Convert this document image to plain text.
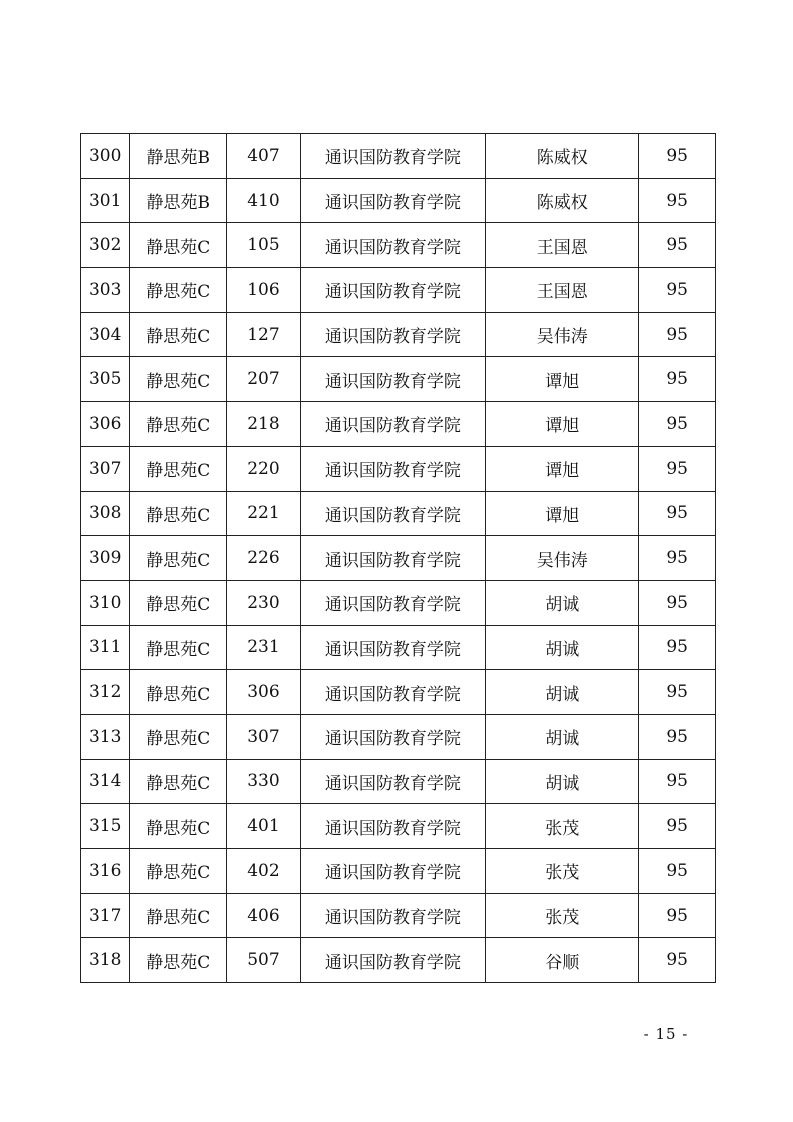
300	静思苑B	407	通识国防教育学院	陈威权	95
301	静思苑B	410	通识国防教育学院	陈威权	95
302	静思苑C	105	通识国防教育学院	王国恩	95
303	静思苑C	106	通识国防教育学院	王国恩	95
304	静思苑C	127	通识国防教育学院	吴伟涛	95
305	静思苑C	207	通识国防教育学院	谭旭	95
306	静思苑C	218	通识国防教育学院	谭旭	95
307	静思苑C	220	通识国防教育学院	谭旭	95
308	静思苑C	221	通识国防教育学院	谭旭	95
309	静思苑C	226	通识国防教育学院	吴伟涛	95
310	静思苑C	230	通识国防教育学院	胡诚	95
311	静思苑C	231	通识国防教育学院	胡诚	95
312	静思苑C	306	通识国防教育学院	胡诚	95
313	静思苑C	307	通识国防教育学院	胡诚	95
314	静思苑C	330	通识国防教育学院	胡诚	95
315	静思苑C	401	通识国防教育学院	张茂	95
316	静思苑C	402	通识国防教育学院	张茂	95
317	静思苑C	406	通识国防教育学院	张茂	95
318	静思苑C	507	通识国防教育学院	谷顺	95
- 15 -
